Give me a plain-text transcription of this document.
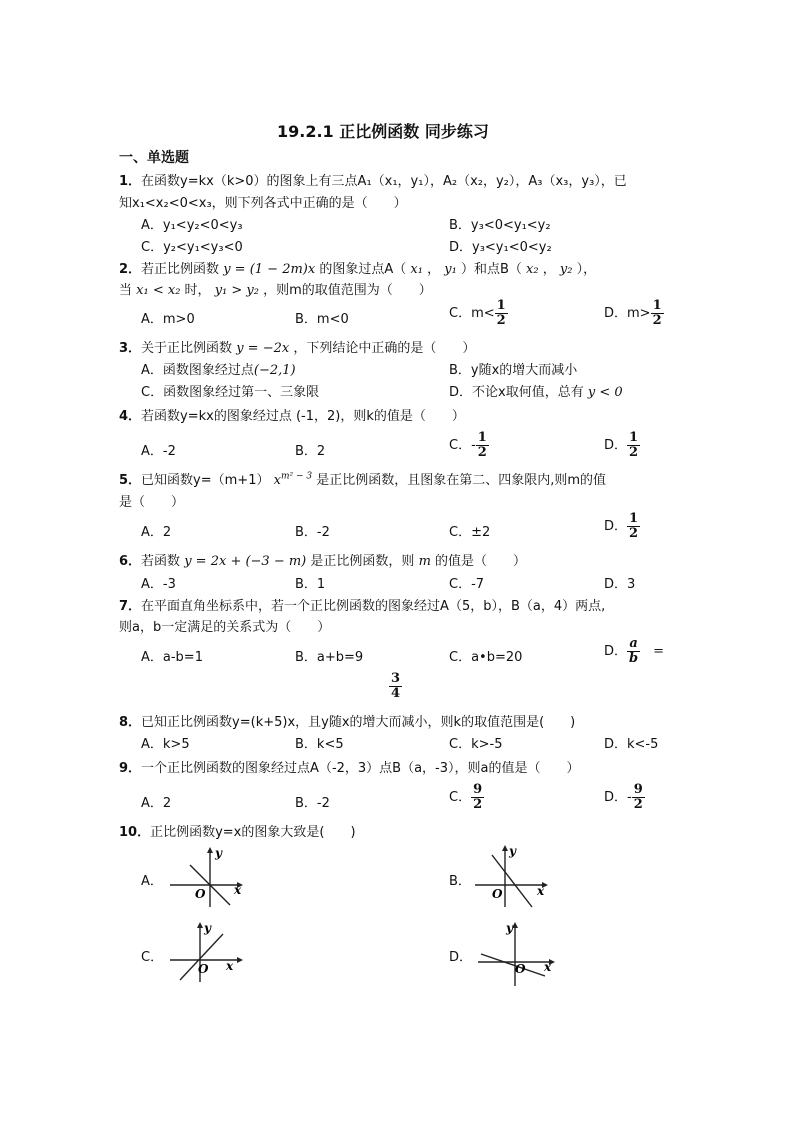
19.2.1 正比例函数 同步练习
一、单选题
1．在函数y=kx（k>0）的图象上有三点A₁（x₁，y₁），A₂（x₂，y₂），A₃（x₃，y₃），已
知x₁<x₂<0<x₃，则下列各式中正确的是（　　）
A．y₁<y₂<0<y₃	B．y₃<0<y₁<y₂
C．y₂<y₁<y₃<0	D．y₃<y₁<0<y₂
2．若正比例函数 y = (1 − 2m)x 的图象过点A（ x₁ ， y₁ ）和点B（ x₂ ， y₂ ），
当 x₁ < x₂ 时， y₁ > y₂ ，则m的取值范围为（　　）
A．m>0	B．m<0	C．$m< \frac{1}{2}$	D．$m> \frac{1}{2}$
3．关于正比例函数 y = −2x ，下列结论中正确的是（　　）
A．函数图象经过点(−2,1)	B．y随x的增大而减小
C．函数图象经过第一、三象限	D．不论x取何值，总有 y < 0
4．若函数y=kx的图象经过点 (-1，2)，则k的值是（　　）
A．-2	B．2	C．- $\frac{1}{2}$	D． $\frac{1}{2}$
5．已知函数y=（m+1） $x^{m^2 - 3}$ 是正比例函数，且图象在第二、四象限内,则m的值
是（　　）
A．2	B．-2	C．±2	D． $\frac{1}{2}$
6．若函数 y = 2x + (−3 − m) 是正比例函数，则 m 的值是（　　）
A．-3	B．1	C．-7	D．3
7．在平面直角坐标系中，若一个正比例函数的图象经过A（5，b），B（a，4）两点,
则a，b一定满足的关系式为（　　）
A．a-b=1	B．a+b=9	C．a•b=20	D． $\frac{a}{b}$
　 =
$\frac{3}{4}$
8．已知正比例函数y=(k+5)x，且y随x的增大而减小，则k的取值范围是(　　)
A．k>5	B．k<5	C．k>-5	D．k<-5
9．一个正比例函数的图象经过点A（-2，3）点B（a，-3），则a的值是（　　）
A．2	B．-2	C． $\frac{9}{2}$	D．- $\frac{9}{2}$
10．正比例函数y=x的图象大致是(　　)
A．
O x
y
B．
O	x
y
C．
O x
y
D．
O x
y
